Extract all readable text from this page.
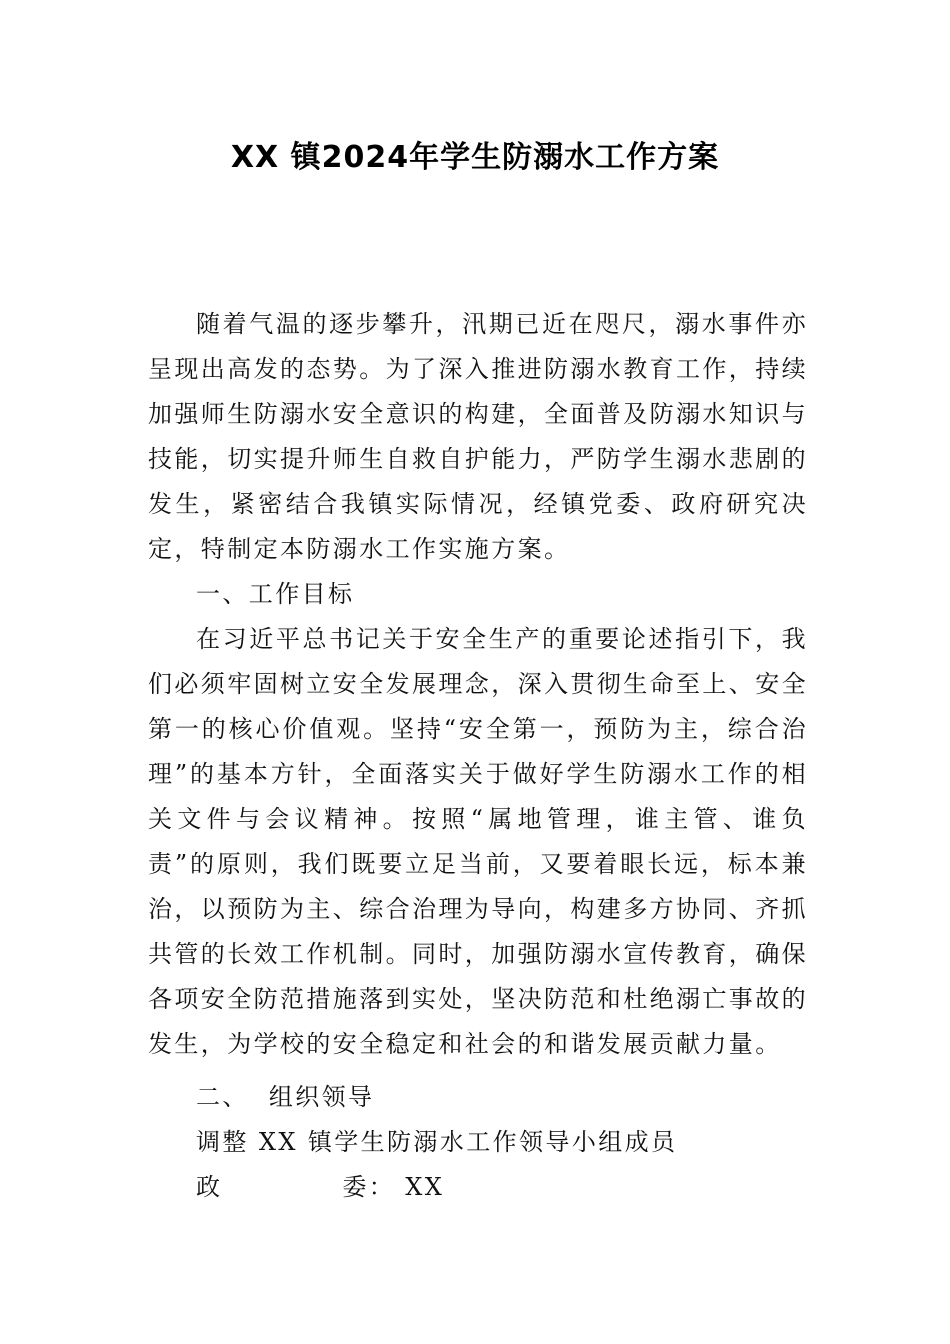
XX 镇2024年学生防溺水工作方案

随着气温的逐步攀升，汛期已近在咫尺，溺水事件亦呈现出高发的态势。为了深入推进防溺水教育工作，持续加强师生防溺水安全意识的构建，全面普及防溺水知识与技能，切实提升师生自救自护能力，严防学生溺水悲剧的发生，紧密结合我镇实际情况，经镇党委、政府研究决定，特制定本防溺水工作实施方案。

一、工作目标

在习近平总书记关于安全生产的重要论述指引下，我们必须牢固树立安全发展理念，深入贯彻生命至上、安全第一的核心价值观。坚持“安全第一，预防为主，综合治理”的基本方针，全面落实关于做好学生防溺水工作的相关文件与会议精神。按照“属地管理，谁主管、谁负责”的原则，我们既要立足当前，又要着眼长远，标本兼治，以预防为主、综合治理为导向，构建多方协同、齐抓共管的长效工作机制。同时，加强防溺水宣传教育，确保各项安全防范措施落到实处，坚决防范和杜绝溺亡事故的发生，为学校的安全稳定和社会的和谐发展贡献力量。

二、  组织领导

调整 XX 镇学生防溺水工作领导小组成员

政	委： XX
